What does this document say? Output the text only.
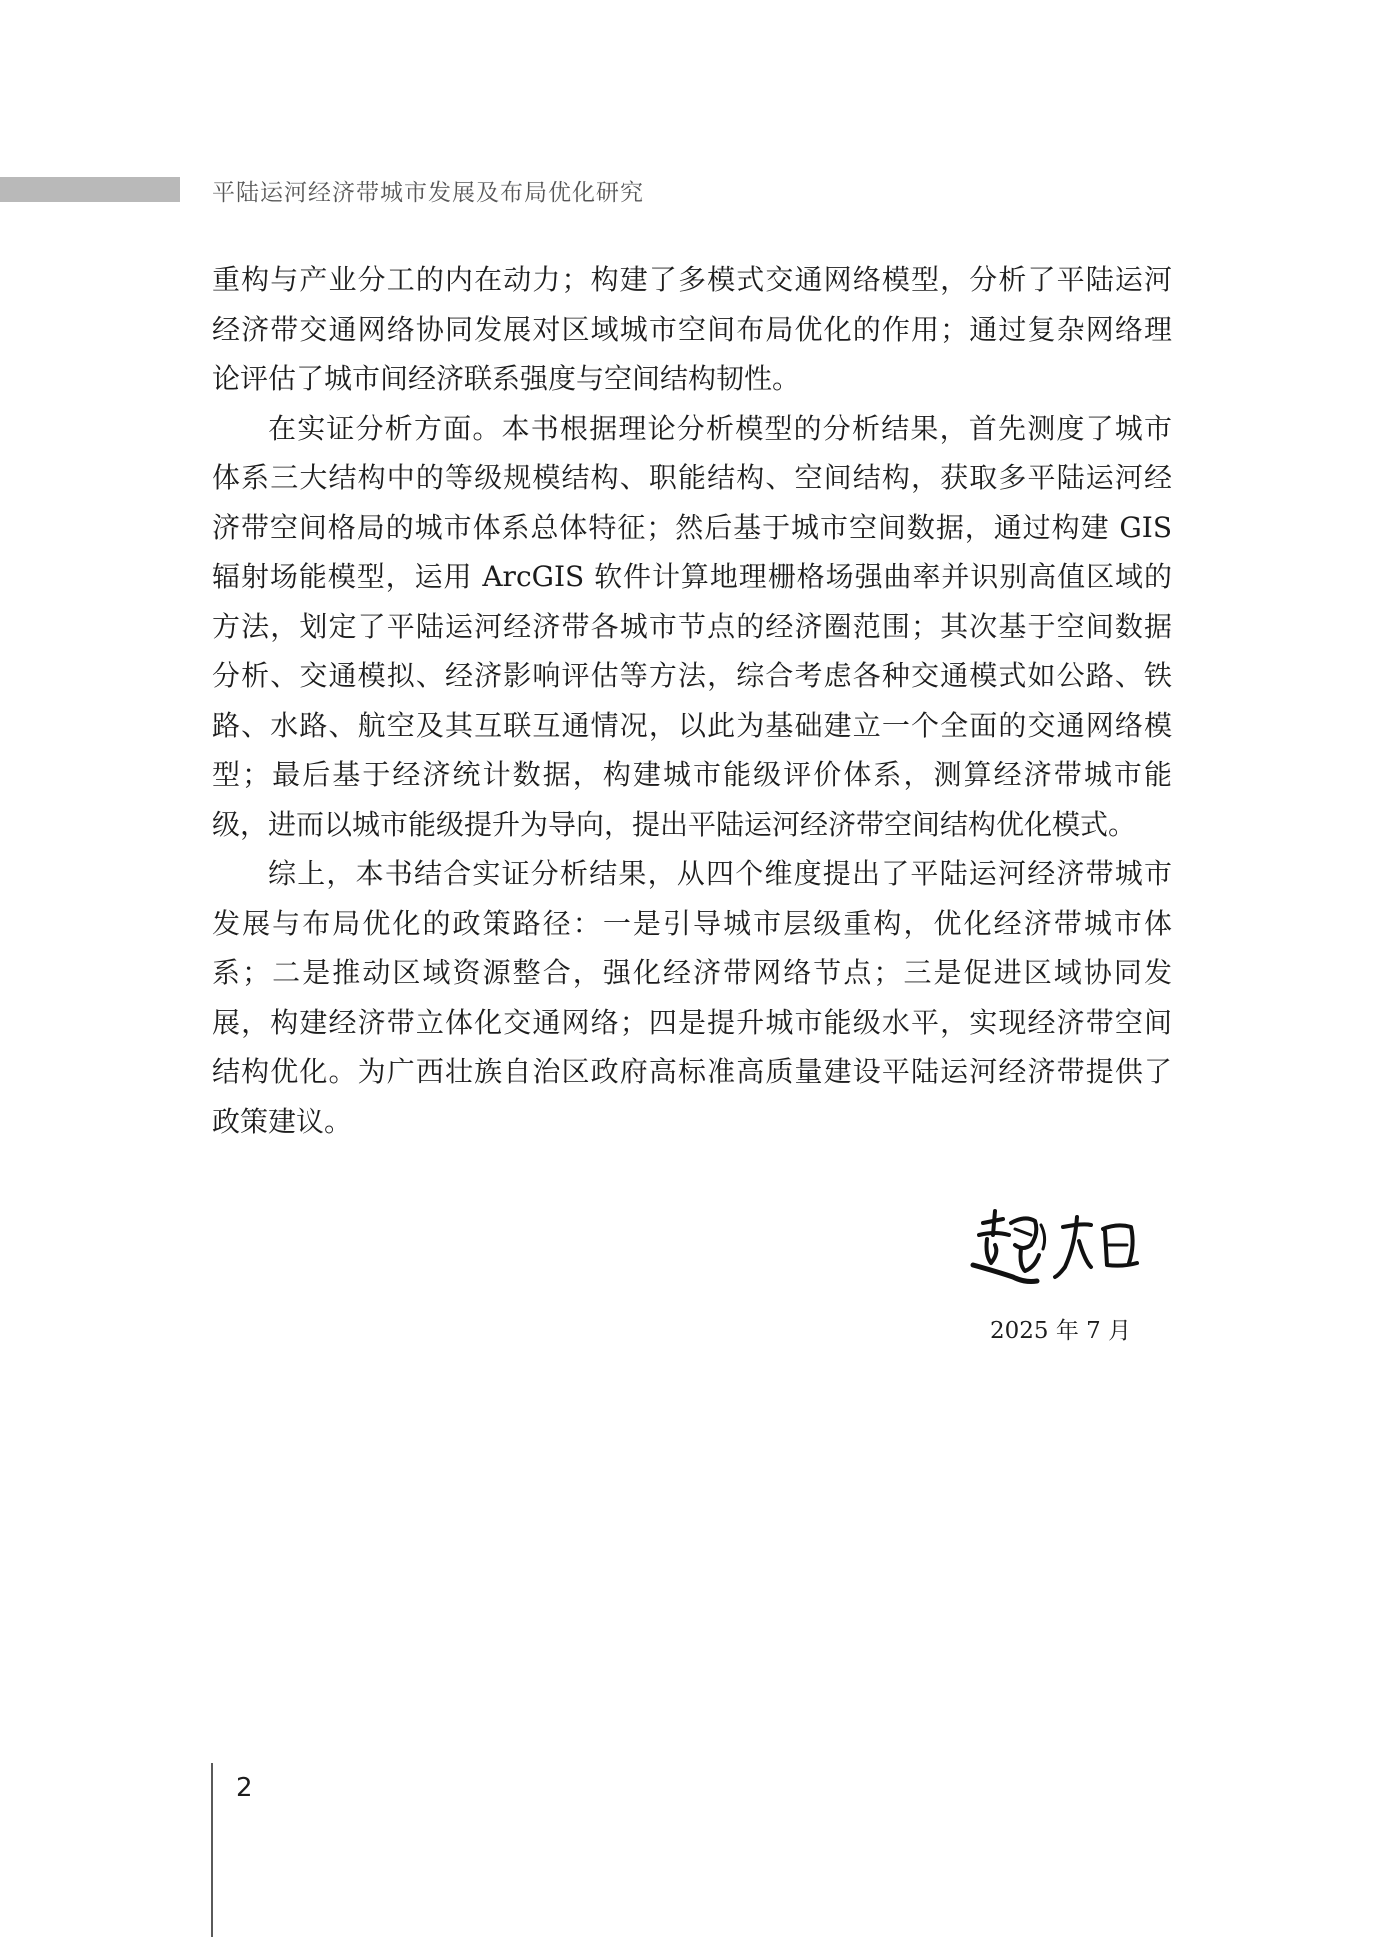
平陆运河经济带城市发展及布局优化研究

重构与产业分工的内在动力；构建了多模式交通网络模型，分析了平陆运河
经济带交通网络协同发展对区域城市空间布局优化的作用；通过复杂网络理
论评估了城市间经济联系强度与空间结构韧性。

在实证分析方面。本书根据理论分析模型的分析结果，首先测度了城市
体系三大结构中的等级规模结构、职能结构、空间结构，获取多平陆运河经
济带空间格局的城市体系总体特征；然后基于城市空间数据，通过构建 GIS
辐射场能模型，运用 ArcGIS 软件计算地理栅格场强曲率并识别高值区域的
方法，划定了平陆运河经济带各城市节点的经济圈范围；其次基于空间数据
分析、交通模拟、经济影响评估等方法，综合考虑各种交通模式如公路、铁
路、水路、航空及其互联互通情况，以此为基础建立一个全面的交通网络模
型；最后基于经济统计数据，构建城市能级评价体系，测算经济带城市能
级，进而以城市能级提升为导向，提出平陆运河经济带空间结构优化模式。

综上，本书结合实证分析结果，从四个维度提出了平陆运河经济带城市
发展与布局优化的政策路径：一是引导城市层级重构，优化经济带城市体
系；二是推动区域资源整合，强化经济带网络节点；三是促进区域协同发
展，构建经济带立体化交通网络；四是提升城市能级水平，实现经济带空间
结构优化。为广西壮族自治区政府高标准高质量建设平陆运河经济带提供了
政策建议。

2025 年 7 月
2
